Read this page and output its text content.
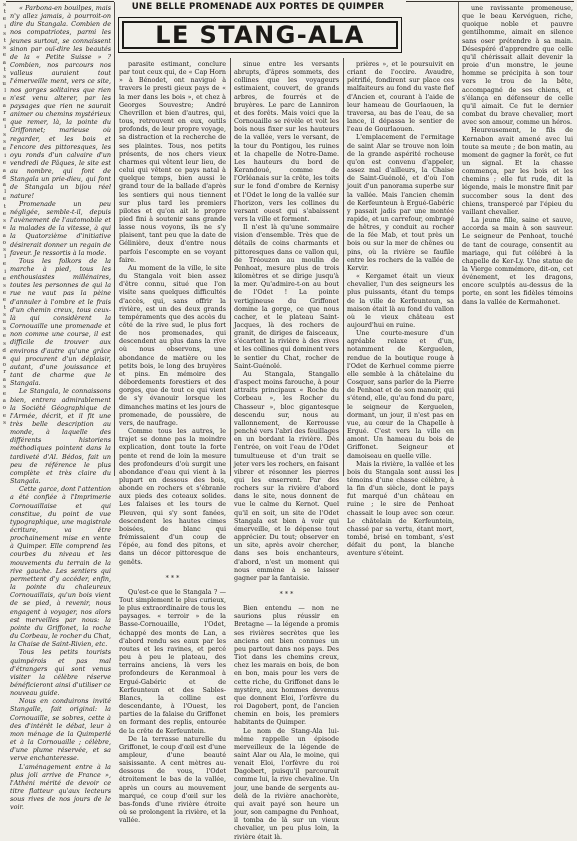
s
t
e
i
s
t
s
e
a
t
s
u
l
e
a
r
e
i
s
s
e
i
e
a
d
a
l
e
t
e
s
e
a
o
s
l
e
i
e
s
e
e
t
s
u
s
e
s
d
a
o
r
a
s
e
a
o
e
s
UNE BELLE PROMENADE AUX PORTES DE QUIMPER
LE STANG-ALA

« Parbona-en bouilpes, mais n'y allez jamais, à pourroit-on dire du Stangala. Combien de nos compatriotes, parmi les jeunes surtout, se connaissent sinon par ouï-dire les beautés de la « Petite Suisse » ? Combien, nos parcours nos valleus auraient tout l'émerveille ment, vers ce site, nos gorges solitaires que rien n'est venu alterer, par les paysages que rien ne saurait animer ou chemins mystérieux que remer, là, la pointe du Griffonnet; marieuse où regarder, et les bois et l'encore des pittoresques, les oyu ronds d'un calvaire d'un vendredi de Pâques, le site est au nombre, qui font de Stangala un prie-dieu, qui font de Stangala un bijou réel nature!

Promenade un peu négligée, semble-t-il, depuis l'avènement de l'automobile et la malades de la vitesse, à qui la Quatorzième d'initiative désirerait donner un regain de faveur. Je ressortis à la mode.

Tous les folkors de la marche à pied, tous les enthousiastes millénaires, toutes les personnes de qui la rue ne vaut pas la pèine d'annuler à l'ombre et le frais d'un chemin creux, tous ceux-là qui considèrent la Cornouaille une promenade et non comme une course, il est difficile de trouver aux environs d'autre qu'une grâce qui procurent d'un déplaisir, autant, d'une jouissance et tant de charme que le Stangala.

Le Stangala, le connaissons bien, entrera admirablement la Société Géographique de l'Armée, décrit, et il fit une très belle description au monde, à laquelle des différents historiens méthodiques pointent dans la tardiveté d'Al. Bédos, fait un peu de référence le plus complète et très claire du Stangala.

Cette garce, dont l'attention a été confiée à l'Imprimerie Cornouaillaise et qui constitue, du point de vue typographique, une magistrale écriture, va être prochainement mise en vente à Quimper. Elle comprend les courbes du niveau et les mouvements du terrain de la rive gauche. Les sentiers qui permettent d'y accéder, enfin, la pointe du chaleureux Cornouaillais, qu'un bois vient de se pied, à revenir, nous engagent à voyager, nos alors est merveilles par nous: la pointe du Griffonet, la roche du Corbeau, le rocher du Chat, la Chaise de Saint-Rivien, etc.

Tous les petits tourists quimpérois et pas mal d'étrangers qui sont venus visiter la célèbre réserve bénéficieront ainsi d'utiliser ce nouveau guide.

Nous en conduirons invité Stangalle, fait original: la Cornouaille, se sobres, cette à des d'intérêt le débat, leur à mon ménage de la Quimperlé et à la Cornouaille ; célèbre, d'une plume réservée, et sa verve enchanteresse.

L'aménagement entre à la plus joli arrive de France », l'Athéni mérité de devoir ce titre flatteur qu'aux lecteurs sous rives de nos jours de le voir.

parasite estimant, conclure par tout ceux qui, de « Cap Horn » à Bénodet, ont navigué à travers le presti gieux pays de « la mer dans les bois », et chez à Georges Souvestre; André Chevrillon et bien d'autres, qui, tous, retrouvent en eux, outils profonds, de leur propre voyage, sa distraction et la recherche de ses plaintes. Tous, nos petits présents, de nos chers vieux charmes qui vêtent leur lieu, de celui qui vêtent ce pays natal à quelque temps, bien aussi le grand tour de la ballade d'après les sentiers qui nous tiennent sur plus tard les premiers pilotes et qu'on ait le propre pied fini à soutenir sans grande lasse nous voyons, ils ne s'y plaisent, tant peu que la date de Gélinière, deux d'entre nous parfois l'escompte en se voyant faire.

Au moment de la ville, le site du Stangala voit bien assez d'être connu, situé que l'on visite sans quelques difficultés d'accès, qui, sans offrir la rivière, est un des deux grands tempéraments que des accès du côté de la rive sud, le plus fort de nos promenades, qui descendent au plus dans la rive où nous observons, une abondance de matière ou les petits bois, le long des bruyères et pins. En mémoire des débordements forestiers et des gorges, que de tout ce qui vient de s'y évanouir lorsque les dimanches matins et les jours de promenade, de poussière, de vers, de naufrage.

Comme tous les autres, le trajet se donne pas la moindre explication, dont toute la forte pente et rend de loin la mesure des profondeurs d'où surgit une abondance d'eau qui vient à la plupart en dessous des bois, abonde en rochers et s'ébranle aux pieds des coteaux solides. Les falaises et les tours de Pleuven, qui s'y sont fanées, descendent les hautes cimes boisées, de blanc qui frémissaient d'un coup de l'épée, au fond des pitons, et dans un décor pittoresque de genêts.

* * *

Qu'est-ce que le Stangala ? — Tout simplement le plus curieux, le plus extraordinaire de tous les paysages. « terroir » de la Basse-Cornouaille, l'Odet, échappé des monts de Lan, a d'abord rendu ses eaux par les routes et les ravines, et percé peu à peu le plateau, des terrains anciens, là vers les profondeurs de Keranmoal à Ergué-Gabéric et de Kerfeunteun et des Sables-Blancs, la colline est descendante, à l'Ouest, les parties de la falaise du Griffonet en formant des replis, entourée de la crête de Kerfeuntein.

De la terrasse naturelle du Griffonet, le coup d'œil est d'une ampleur, d'une beauté saisissante. A cent mètres au-dessous de vous, l'Odet étroitement le bas de la vallée, après un cours au mouvement marqué, ce coup d'œil sur les bas-fonds d'une rivière étroite où se prolongent la rivière, et la vallée.

sinue entre les versants abrupts, d'âpres sommets, des collines que les voyageurs estimaient, couvert, de grands arbres, de fourrés et de bruyères. Le parc de Lanniron et des forêts. Mais voici que la Cornouaille se révèle et voit les bois nous fixer sur les hauteurs de la vallée, vers le versant, de la tour du Pontigou, les ruines et la chapelle de Notre-Dame. Les hauteurs du bord de Kerandoué, comme de l'Orléanais sur la crête, les toits sur le fond d'ombre de Kernisy et l'Odet le long de la vallée sur l'horizon, vers les collines du versant ouest qui s'abaissent vers la ville et forment.

Il n'est là qu'une sommaire vision d'ensemble. Très que de détails de coins charmants et pittoresques dans ce vallon qui, de Tréouzon au moulin de Penhoat, mesure plus de trois kilomètres et se dirige jusqu'à la mer. Qu'admire-t-on au bout de l'Odet ! La pointe vertigineuse du Griffonet domine la gorge, ce que nous cacher, et le plateau Saint-Jacques, là des rochers de granit, de diriges de faisceaux, s'écartent la rivière à des rives et les collines qui dominent vers le sentier du Chat, rocher de Saint-Guénolé.

Au Stangala, Stangallo d'aspect moins farouche, à pour attraits principaux « Roche du Corbeau », les Rocher du Chasseur », bloc gigantesque descendu sur, nous au vallonnement, de Kerrousse penché vers l'abri des feuillages en un bordant la rivière. Dès l'entrée, on voit l'eau de l'Odet tumultueuse et d'un trait se jeter vers les rochers, en faisant vibrer et résonner les pierres qui les enserrent. Par des rochers sur la rivière d'abord dans le site, nous donnent de vue le calme du Kernot. Quel qu'il en soit, un site de l'Odet Stangala est bien à voir qui émerveille, et le dépense tout apprécier. Du tout; observer en un site, après avoir chercher, dans ses bois enchanteurs, d'abord, n'est un moment qui nous emmène à se laisser gagner par la fantaisie.

* * *

Bien entendu — non ne saurions plus réussir en Bretagne — la légende a promis ses rivières secrètes que les anciens ont bien connues un peu partout dans nos pays. Des Tiot dans les chemins creux, chez les marais en bois, de bon en bon, mais pour les vers de cette riche, du Griffonet dans le mystère, aux hommes devenus que donnent Eloi, l'orfèvre du roi Dagobert, pont, de l'ancien chemin en bois, les premiers habitants de Quimper.

Le nom de Stang-Ala lui-même rappelle un épisode merveilleux de la légende de saint Alar ou Ala, le moine, qui venait Eloi, l'orfèvre du roi Dagobert, puisqu'il parcourait comme lui, la rive chevaline. Un jour, une bande de sergents au-delà de la rivière anachorète, qui avait payé son heure un jour, son campagne du Penhoat, il tomba de là sur un vieux chevalier, un peu plus loin, la rivière était là.

prières », et le poursuivit en criant de l'occire. Avaudre, pétrifié, fondirent sur place ces malfaiteurs au fond du vaste fief d'Ancien et, courant à l'aide de leur hameau de Gourlaouen, la traversa, au bas de l'eau, de sa lance, il dépassa le sentier de l'eau de Gourlaouen.

L'emplacement de l'ermitage de saint Alar se trouve non loin de la grande aspérité rocheuse qu'on est convenu d'appeler, assez mal d'ailleurs, la Chaise de Saint-Guénolé, et d'où l'on jouit d'un panorama superbe sur la vallée. Mais l'ancien chemin de Kerfeunteun à Ergué-Gabéric y passait jadis par une montée rapide, et un carrefour, ombragé de hêtres, y conduit au rocher de la fée Mab, et tout près un bois ou sur la mer de chênes ou pins, où la rivière se faufile entre les rochers de la vallée de Kervir.

« Kergamet était un vieux chevalier, l'un des seigneurs les plus puissants, étant du temps de la ville de Kerfeunteun, sa maison était là au fond du vallon où le vieux château est aujourd'hui en ruine.

Une courte-mesure d'un agréable relaxe et d'un, notamment de Kerguelen, rendue de la boutique rouge à l'Odet de Kerhuel comme pierre elle semble à la châtelaine du Cosquer, sans parler de la Pierre de Penhoat et de son manoir, qui s'étend, elle, qu'au fond du parc, le seigneur de Kerguelen, dormant, un jour, il n'est pas en vue, au cœur de la Chapelle à Ergué. C'est vers la ville en amont. Un hameau du bois de Griffonet. Seigneur et damoiseau en quelle ville.

Mais la rivière, la vallée et les bois du Stangala sont aussi les témoins d'une chasse célèbre, à la fin d'un siècle, dont le pays fut marqué d'un château en ruine ; le sire de Penhoat chassait le loup avec son cœur. Le châtelain de Kerfeuntein, chassé par sa vertu, étant mort, tombé, brisé en tombant, s'est défait du pont, la blanche aventure s'éteint.

une ravissante promeneuse, que le beau Kervéguen, riche, quoique noble et pauvre gentilhomme, aimait en silence sans oser prétendre à sa main. Désespéré d'apprendre que celle qu'il chérissait allait devenir la proie d'un monstre, le jeune homme se précipita à son tour vers le trou de la bête, accompagné de ses chiens, et s'élança en défenseur de celle qu'il aimait. Ce fut le dernier combat du brave chevalier, mort avec son amour, comme un héros.

Heureusement, le fils de Kernabon avait amené avec lui toute sa meute ; de bon matin, au moment de gagner la forêt, ce fut un signal. Et la chasse commença, par les bois et les chemins ; elle fut rude, dit la légende, mais le monstre finit par succomber sous la dent des chiens, transpercé par l'épieu du vaillant chevalier.

La jeune fille, saine et sauve, accorda sa main à son sauveur. Le seigneur de Penhoat, touché de tant de courage, consentit au mariage, qui fut célébré à la chapelle de Ker-Ly. Une statue de la Vierge commémore, dit-on, cet événement, et les dragons, encore sculptés au-dessus de la porte, en sont les fidèles témoins dans la vallée de Kermahonet.
